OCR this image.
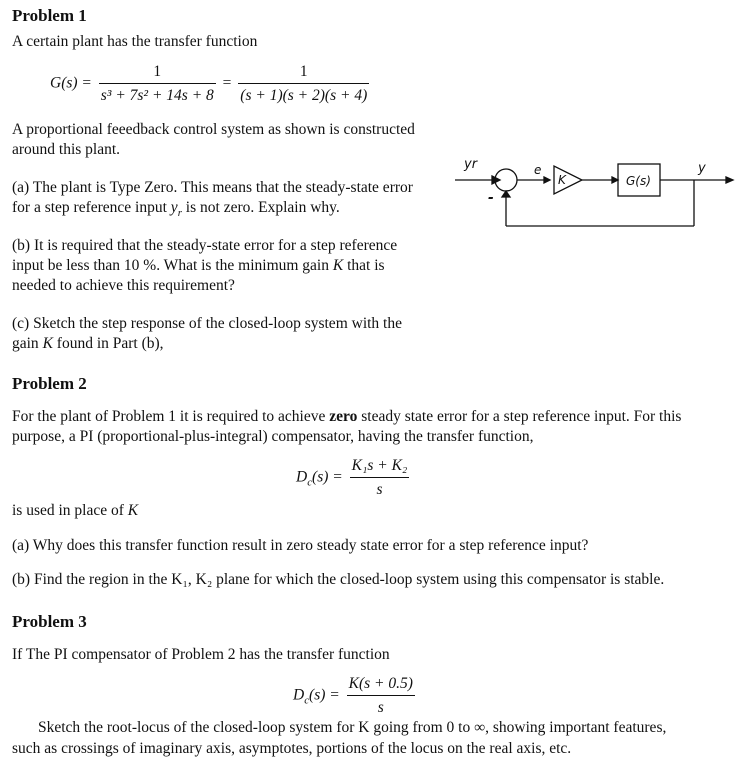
Problem 1
A certain plant has the transfer function
$G(s) = \frac{1}{\text{s³ + 7s² + 14s + 8}} = \frac{1}{(s + 1)(s + 2)(s + 4)}$
A proportional feeedback control system as shown is constructed
around this plant.
(a) The plant is Type Zero. This means that the steady-state error
for a step reference input $y_r$ is not zero. Explain why.
(b) It is required that the steady-state error for a step reference
input be less than 10 %. What is the minimum gain K that is
needed to achieve this requirement?
(c) Sketch the step response of the closed-loop system with the
gain K found in Part (b),
yr	e
K	G(s)
y
-
Problem 2
For the plant of Problem 1 it is required to achieve zero steady state error for a step reference input. For this
purpose, a PI (proportional-plus-integral) compensator, having the transfer function,
$D_c(s) = \frac{\text{K₁s + K₂}}{s}$
is used in place of K
(a) Why does this transfer function result in zero steady state error for a step reference input?
(b) Find the region in the K₁, K₂ plane for which the closed-loop system using this compensator is stable.
Problem 3
If The PI compensator of Problem 2 has the transfer function
$D_c(s) = \frac{K(s + 0.5)}{s}$
Sketch the root-locus of the closed-loop system for K going from 0 to ∞, showing important features,
such as crossings of imaginary axis, asymptotes, portions of the locus on the real axis, etc.
